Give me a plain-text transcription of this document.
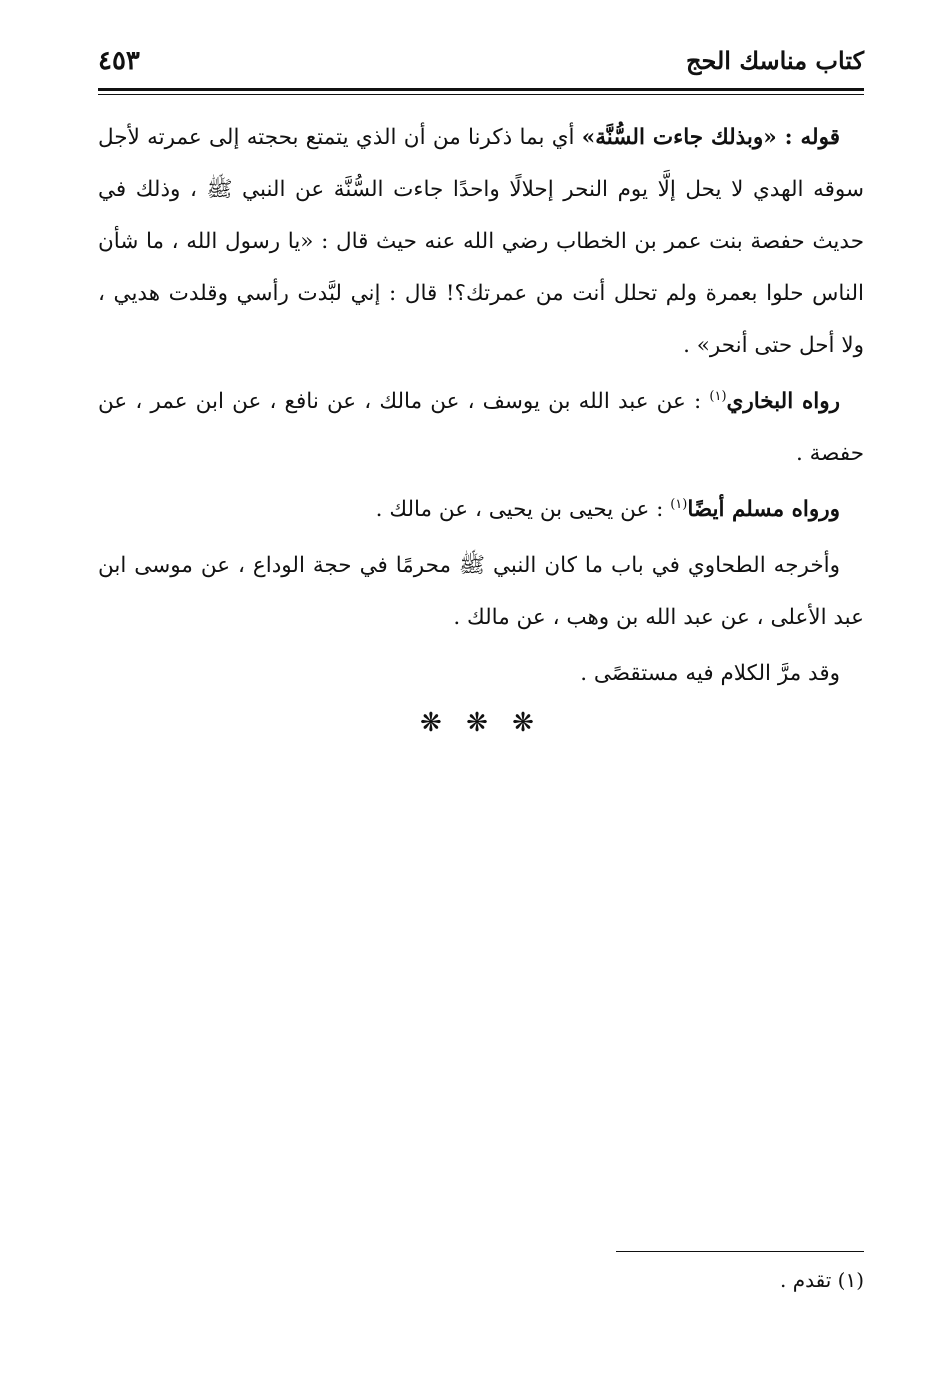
كتاب مناسك الحج
٤٥٣

قوله : «وبذلك جاءت السُّنَّة» أي بما ذكرنا من أن الذي يتمتع بحجته إلى عمرته لأجل سوقه الهدي لا يحل إلَّا يوم النحر إحلالًا واحدًا جاءت السُّنَّة عن النبي ﷺ ، وذلك في حديث حفصة بنت عمر بن الخطاب رضي الله عنه حيث قال : «يا رسول الله ، ما شأن الناس حلوا بعمرة ولم تحلل أنت من عمرتك؟! قال : إني لبَّدت رأسي وقلدت هديي ، ولا أحل حتى أنحر» .

رواه البخاري$^{(١)}$ : عن عبد الله بن يوسف ، عن مالك ، عن نافع ، عن ابن عمر ، عن حفصة .

ورواه مسلم أيضًا$^{(١)}$ : عن يحيى بن يحيى ، عن مالك .

وأخرجه الطحاوي في باب ما كان النبي ﷺ محرمًا في حجة الوداع ، عن موسى ابن عبد الأعلى ، عن عبد الله بن وهب ، عن مالك .

وقد مرَّ الكلام فيه مستقصًى .

❋ ❋ ❋
(١) تقدم .
